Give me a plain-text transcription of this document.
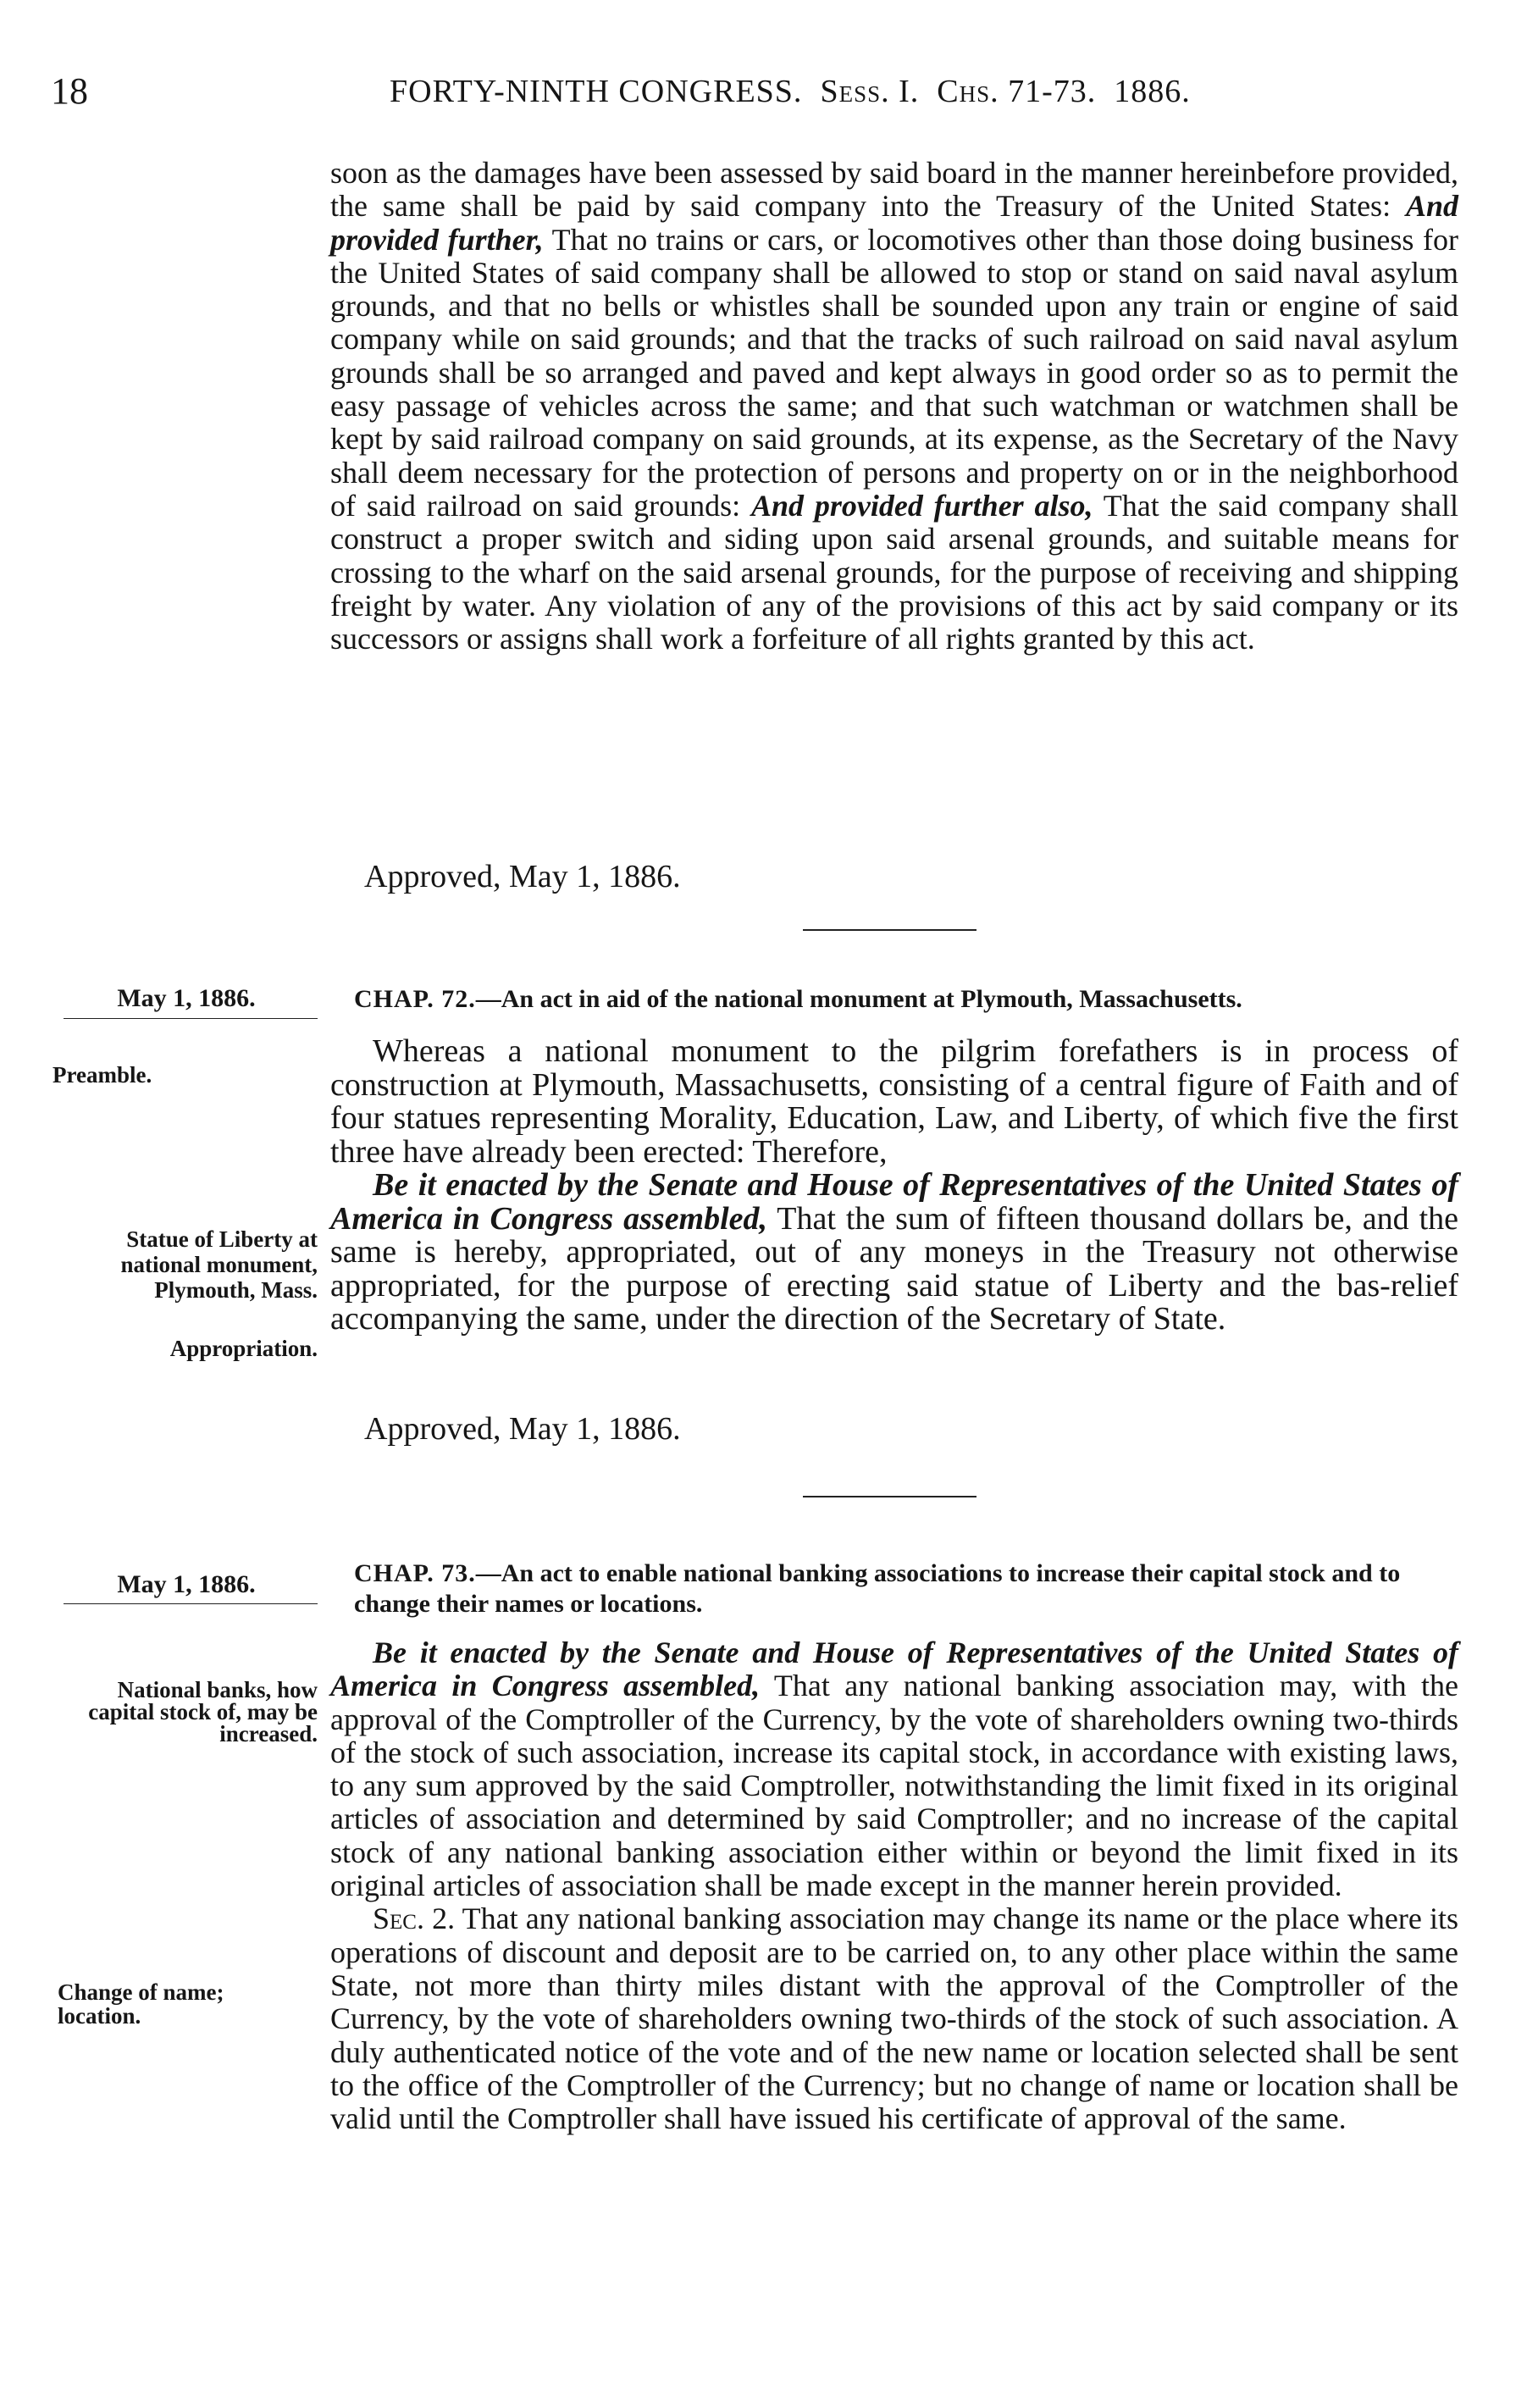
18	FORTY-NINTH CONGRESS. Sess. I. Chs. 71-73. 1886.

soon as the damages have been assessed by said board in the manner hereinbefore provided, the same shall be paid by said company into the Treasury of the United States: And provided further, That no trains or cars, or locomotives other than those doing business for the United States of said company shall be allowed to stop or stand on said naval asylum grounds, and that no bells or whistles shall be sounded upon any train or engine of said company while on said grounds; and that the tracks of such railroad on said naval asylum grounds shall be so arranged and paved and kept always in good order so as to permit the easy passage of vehicles across the same; and that such watchman or watchmen shall be kept by said railroad company on said grounds, at its expense, as the Secretary of the Navy shall deem necessary for the protection of persons and property on or in the neighborhood of said railroad on said grounds: And provided further also, That the said company shall construct a proper switch and siding upon said arsenal grounds, and suitable means for crossing to the wharf on the said arsenal grounds, for the purpose of receiving and shipping freight by water. Any violation of any of the provisions of this act by said company or its successors or assigns shall work a forfeiture of all rights granted by this act.

Approved, May 1, 1886.
May 1, 1886.	CHAP. 72.—An act in aid of the national monument at Plymouth, Massachusetts.
Preamble.

Whereas a national monument to the pilgrim forefathers is in process of construction at Plymouth, Massachusetts, consisting of a central figure of Faith and of four statues representing Morality, Education, Law, and Liberty, of which five the first three have already been erected: Therefore,

Be it enacted by the Senate and House of Representatives of the United States of America in Congress assembled, That the sum of fifteen thousand dollars be, and the same is hereby, appropriated, out of any moneys in the Treasury not otherwise appropriated, for the purpose of erecting said statue of Liberty and the bas-relief accompanying the same, under the direction of the Secretary of State.

Statue of Liberty at national monument, Plymouth, Mass.
Appropriation.
Approved, May 1, 1886.
May 1, 1886.	CHAP. 73.—An act to enable national banking associations to increase their capital stock and to change their names or locations.

Be it enacted by the Senate and House of Representatives of the United States of America in Congress assembled, That any national banking association may, with the approval of the Comptroller of the Currency, by the vote of shareholders owning two-thirds of the stock of such association, increase its capital stock, in accordance with existing laws, to any sum approved by the said Comptroller, notwithstanding the limit fixed in its original articles of association and determined by said Comptroller; and no increase of the capital stock of any national banking association either within or beyond the limit fixed in its original articles of association shall be made except in the manner herein provided.

Sec. 2. That any national banking association may change its name or the place where its operations of discount and deposit are to be carried on, to any other place within the same State, not more than thirty miles distant with the approval of the Comptroller of the Currency, by the vote of shareholders owning two-thirds of the stock of such association. A duly authenticated notice of the vote and of the new name or location selected shall be sent to the office of the Comptroller of the Currency; but no change of name or location shall be valid until the Comptroller shall have issued his certificate of approval of the same.

National banks, how capital stock of, may be increased.
Change of name; location.
